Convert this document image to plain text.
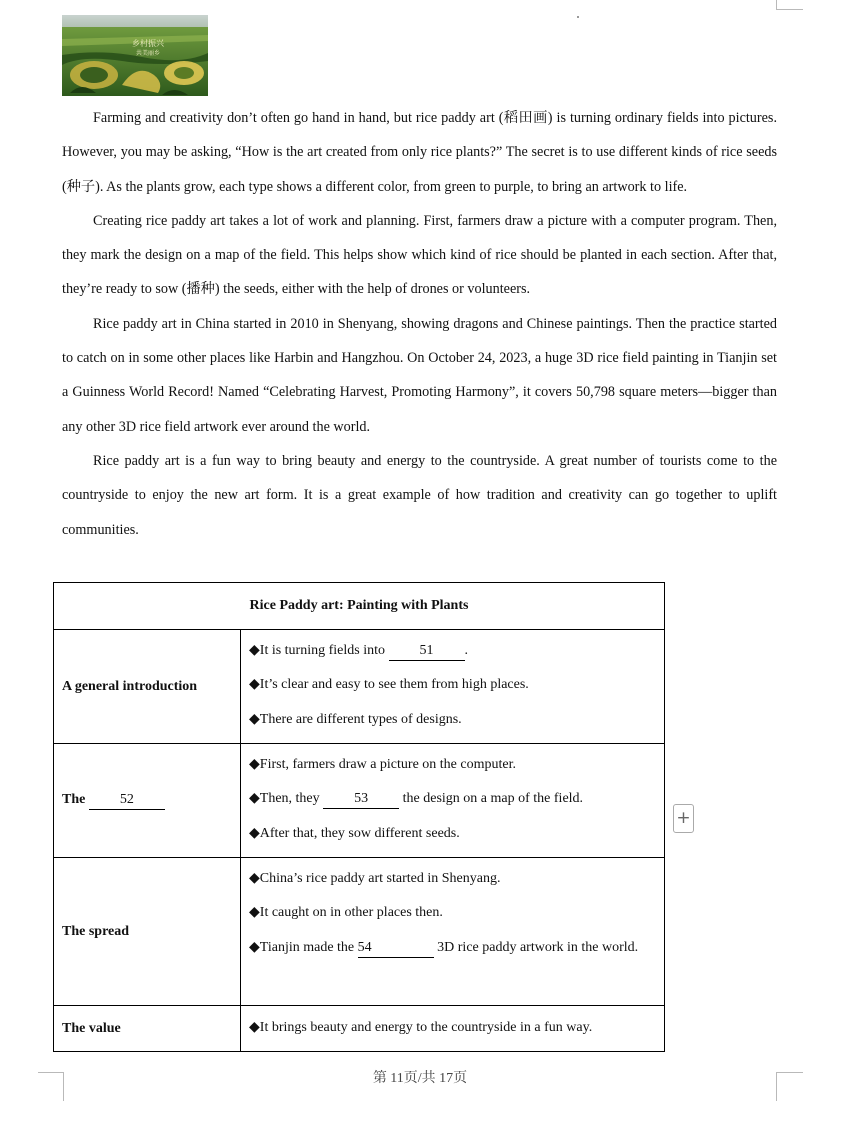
乡村振兴
共美丽乡

Farming and creativity don’t often go hand in hand, but rice paddy art (稻田画) is turning ordinary fields into pictures. However, you may be asking, “How is the art created from only rice plants?” The secret is to use different kinds of rice seeds (种子). As the plants grow, each type shows a different color, from green to purple, to bring an artwork to life.

Creating rice paddy art takes a lot of work and planning. First, farmers draw a picture with a computer program. Then, they mark the design on a map of the field. This helps show which kind of rice should be planted in each section. After that, they’re ready to sow (播种) the seeds, either with the help of drones or volunteers.

Rice paddy art in China started in 2010 in Shenyang, showing dragons and Chinese paintings. Then the practice started to catch on in some other places like Harbin and Hangzhou. On October 24, 2023, a huge 3D rice field painting in Tianjin set a Guinness World Record! Named “Celebrating Harvest, Promoting Harmony”, it covers 50,798 square meters—bigger than any other 3D rice field artwork ever around the world.

Rice paddy art is a fun way to bring beauty and energy to the countryside. A great number of tourists come to the countryside to enjoy the new art form. It is a great example of how tradition and creativity can go together to uplift communities.

Rice Paddy art: Painting with Plants	
A general introduction	◆It is turning fields into 51 .
◆It’s clear and easy to see them from high places.
◆There are different types of designs.

The 52	◆First, farmers draw a picture on the computer.
◆Then, they 53 the design on a map of the field.
◆After that, they sow different seeds.

The spread	◆China’s rice paddy art started in Shenyang.
◆It caught on in other places then.
◆Tianjin made the 54 3D rice paddy artwork in the world.

The value	◆It brings beauty and energy to the countryside in a fun way.
+
第 11页/共 17页
